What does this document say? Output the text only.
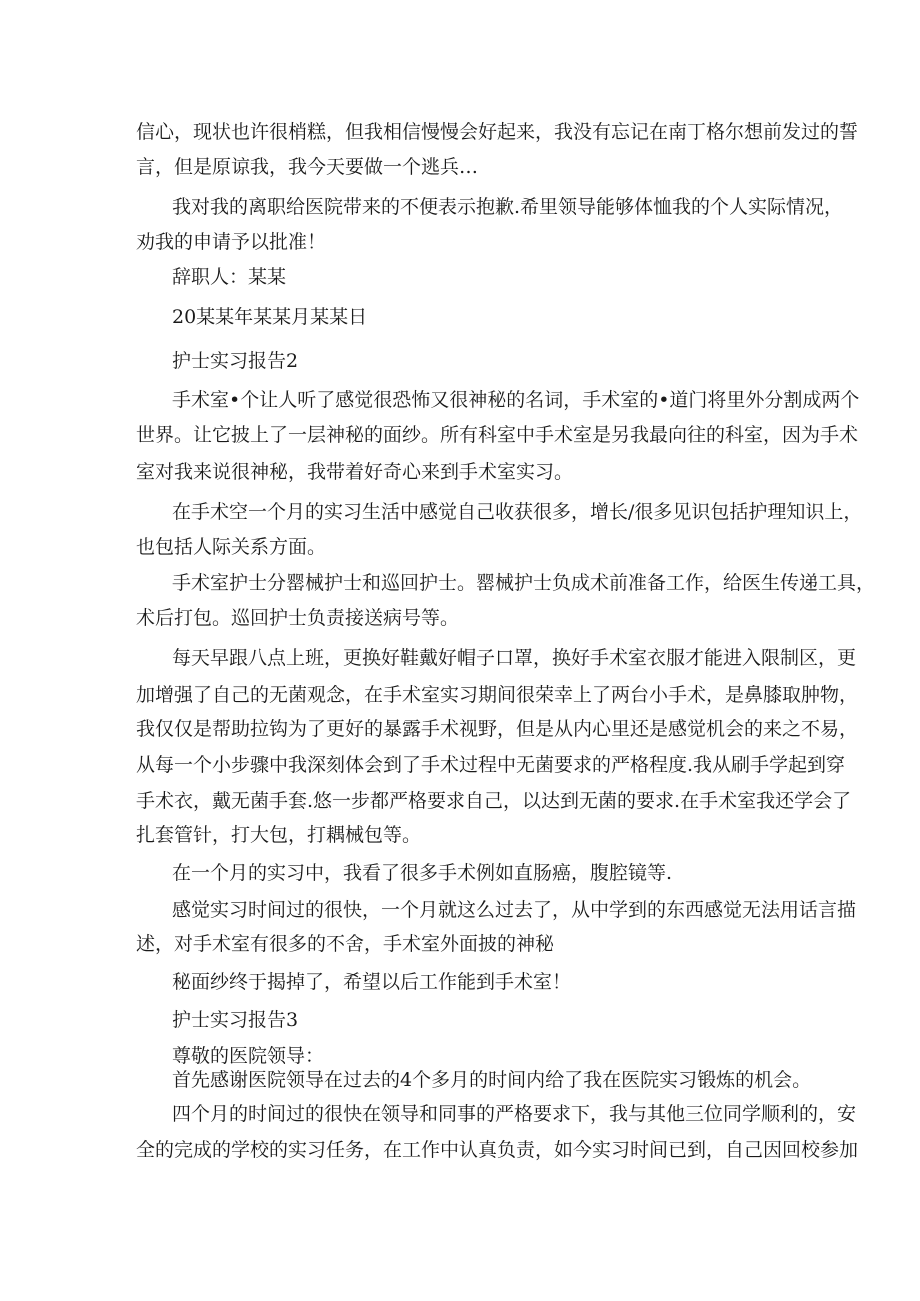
信心，现状也许很梢糕，但我相信慢慢会好起来，我没有忘记在南丁格尔想前发过的誓
言，但是原谅我，我今天要做一个逃兵…
我对我的离职给医院带来的不便表示抱歉.希里领导能够体恤我的个人实际情况，
劝我的申请予以批准！
辞职人：某某
20某某年某某月某某日
护士实习报告2
手术室•个让人听了感觉很恐怖又很神秘的名词，手术室的•道门将里外分割成两个
世界。让它披上了一层神秘的面纱。所有科室中手术室是另我最向往的科室，因为手术
室对我来说很神秘，我带着好奇心来到手术室实习。
在手术空一个月的实习生活中感觉自己收获很多，增长/很多见识包括护理知识上，
也包括人际关系方面。
手术室护士分罂械护士和巡回护士。罂械护士负成术前准备工作，给医生传递工具，
术后打包。巡回护士负责接送病号等。
每天早跟八点上班，更换好鞋戴好帽子口罩，换好手术室衣服才能进入限制区，更
加增强了自己的无菌观念，在手术室实习期间很荣幸上了两台小手术，是鼻膝取肿物，
我仅仅是帮助拉钩为了更好的暴露手术视野，但是从内心里还是感觉机会的来之不易，
从每一个小步骤中我深刻体会到了手术过程中无菌要求的严格程度.我从刷手学起到穿
手术衣，戴无菌手套.悠一步都严格要求自己，以达到无菌的要求.在手术室我还学会了
扎套管针，打大包，打耦械包等。
在一个月的实习中，我看了很多手术例如直肠癌，腹腔镜等.
感觉实习时间过的很快，一个月就这么过去了，从中学到的东西感觉无法用话言描
述，对手术室有很多的不舍，手术室外面披的神秘
秘面纱终于揭掉了，希望以后工作能到手术室！
护士实习报告3
尊敬的医院领导：
首先感谢医院领导在过去的4个多月的时间内给了我在医院实习锻炼的机会。
四个月的时间过的很快在领导和同事的严格要求下，我与其他三位同学顺利的，安
全的完成的学校的实习任务，在工作中认真负责，如今实习时间已到，自己因回校参加
